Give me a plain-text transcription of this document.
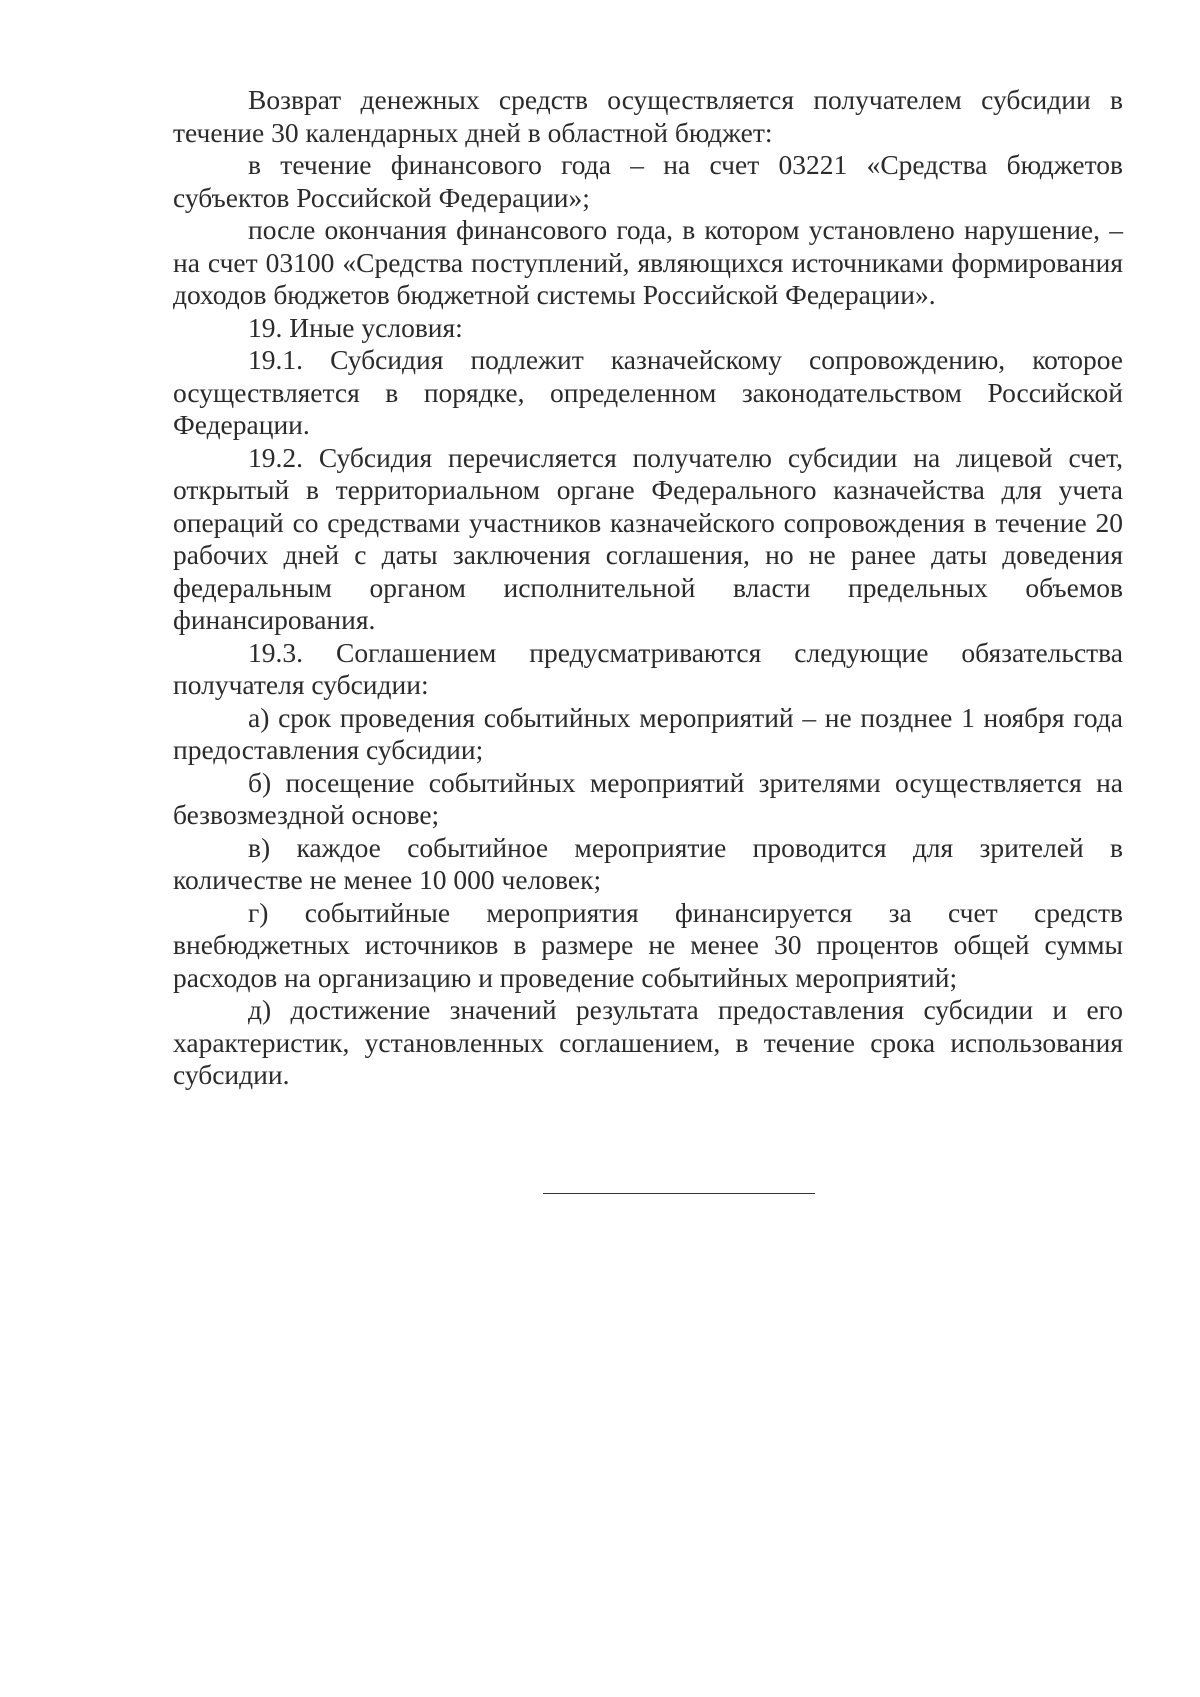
Возврат денежных средств осуществляется получателем субсидии в течение 30 календарных дней в областной бюджет:

в течение финансового года – на счет 03221 «Средства бюджетов субъектов Российской Федерации»;

после окончания финансового года, в котором установлено нарушение, – на счет 03100 «Средства поступлений, являющихся источниками формирования доходов бюджетов бюджетной системы Российской Федерации».

19. Иные условия:

19.1. Субсидия подлежит казначейскому сопровождению, которое осуществляется в порядке, определенном законодательством Российской Федерации.

19.2. Субсидия перечисляется получателю субсидии на лицевой счет, открытый в территориальном органе Федерального казначейства для учета операций со средствами участников казначейского сопровождения в течение 20 рабочих дней с даты заключения соглашения, но не ранее даты доведения федеральным органом исполнительной власти предельных объемов финансирования.

19.3. Соглашением предусматриваются следующие обязательства получателя субсидии:

а) срок проведения событийных мероприятий – не позднее 1 ноября года предоставления субсидии;

б) посещение событийных мероприятий зрителями осуществляется на безвозмездной основе;

в) каждое событийное мероприятие проводится для зрителей в количестве не менее 10 000 человек;

г) событийные мероприятия финансируется за счет средств внебюджетных источников в размере не менее 30 процентов общей суммы расходов на организацию и проведение событийных мероприятий;

д) достижение значений результата предоставления субсидии и его характеристик, установленных соглашением, в течение срока использования субсидии.
